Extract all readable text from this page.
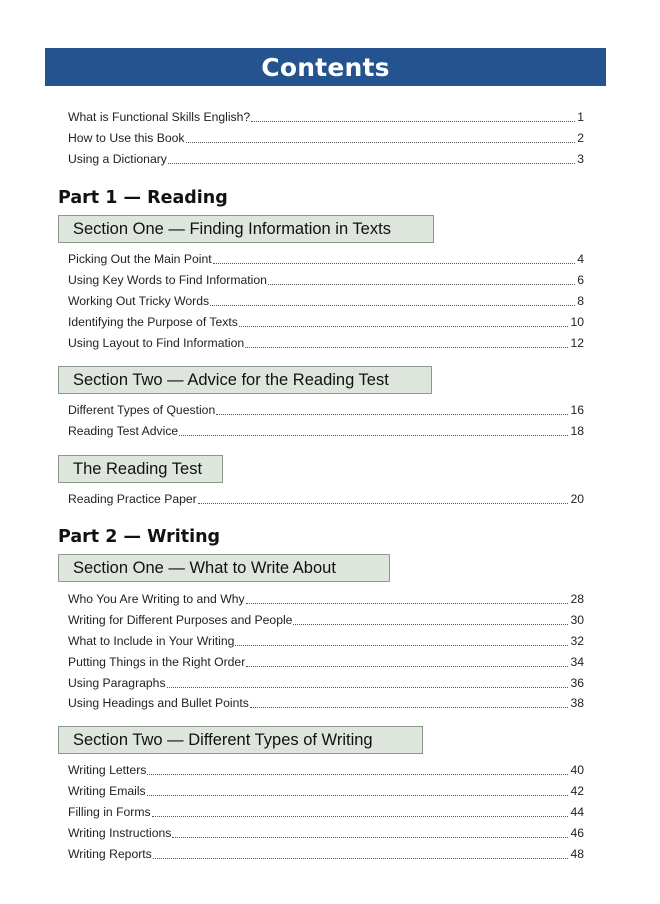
Contents
What is Functional Skills English?	1
How to Use this Book	2
Using a Dictionary	3
Part 1 — Reading
Section One — Finding Information in Texts
Picking Out the Main Point	4
Using Key Words to Find Information	6
Working Out Tricky Words	8
Identifying the Purpose of Texts	10
Using Layout to Find Information	12
Section Two — Advice for the Reading Test
Different Types of Question	16
Reading Test Advice	18
The Reading Test
Reading Practice Paper	20
Part 2 — Writing
Section One — What to Write About
Who You Are Writing to and Why	28
Writing for Different Purposes and People	30
What to Include in Your Writing	32
Putting Things in the Right Order	34
Using Paragraphs	36
Using Headings and Bullet Points	38
Section Two — Different Types of Writing
Writing Letters	40
Writing Emails	42
Filling in Forms	44
Writing Instructions	46
Writing Reports	48
